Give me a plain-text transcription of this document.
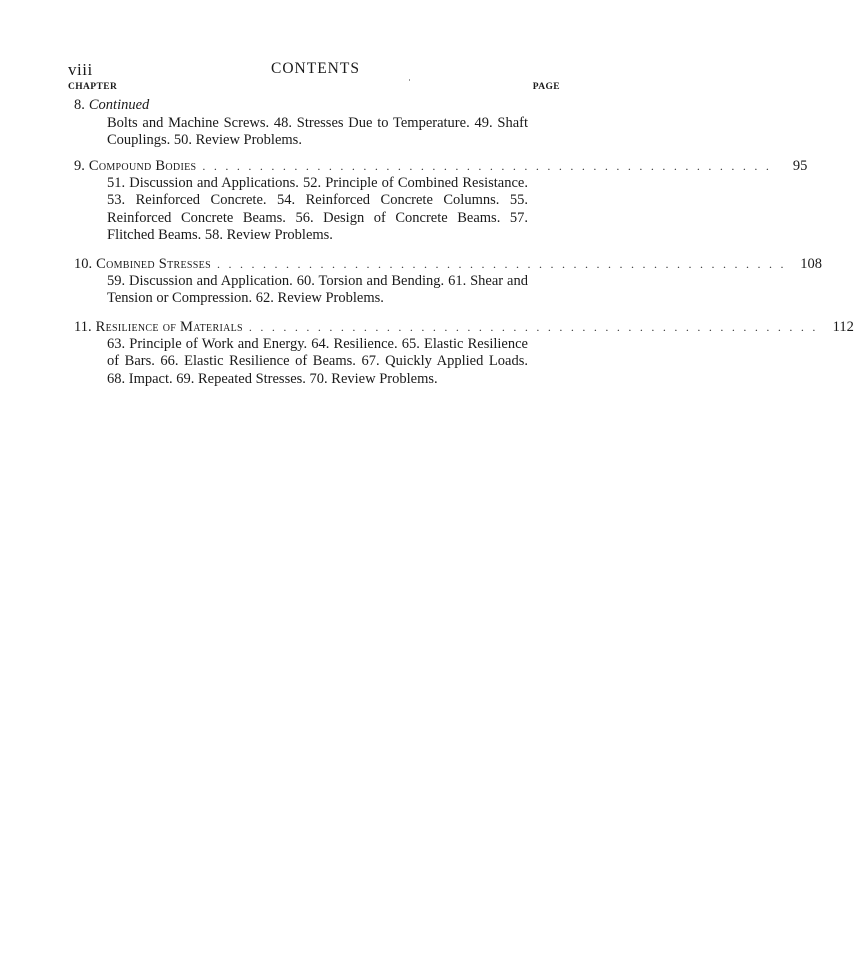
viii	CONTENTS
CHAPTER	PAGE
8. Continued
Bolts and Machine Screws. 48. Stresses Due to Temperature. 49. Shaft Couplings. 50. Review Problems.
9. Compound Bodies ..................................................	95
51. Discussion and Applications. 52. Principle of Combined Resistance. 53. Reinforced Concrete. 54. Reinforced Concrete Columns. 55. Reinforced Concrete Beams. 56. Design of Concrete Beams. 57. Flitched Beams. 58. Review Problems.
10. Combined Stresses .................................................. 108
59. Discussion and Application. 60. Torsion and Bending. 61. Shear and Tension or Compression. 62. Review Problems.
11. Resilience of Materials .................................................. 112
63. Principle of Work and Energy. 64. Resilience. 65. Elastic Resilience of Bars. 66. Elastic Resilience of Beams. 67. Quickly Applied Loads. 68. Impact. 69. Repeated Stresses. 70. Review Problems.
